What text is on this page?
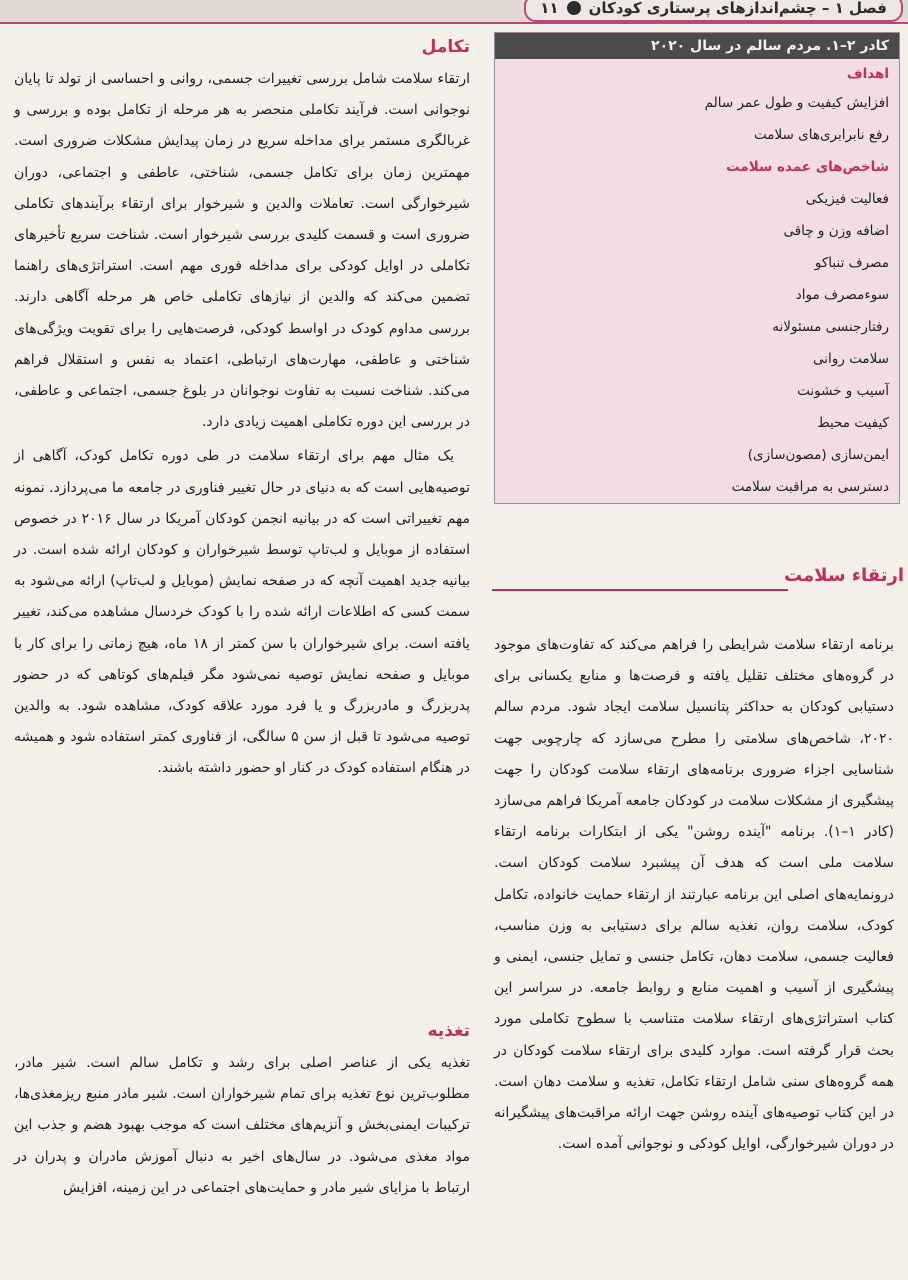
فصل ۱ – چشم‌اندازهای پرستاری کودکان
۱۱
تکامل

ارتقاء سلامت شامل بررسی تغییرات جسمی، روانی و احساسی از تولد تا پایان نوجوانی است. فرآیند تکاملی منحصر به هر مرحله از تکامل بوده و بررسی و غربالگری مستمر برای مداخله سریع در زمان پیدایش مشکلات ضروری است. مهمترین زمان برای تکامل جسمی، شناختی، عاطفی و اجتماعی، دوران شیرخوارگی است. تعاملات والدین و شیرخوار برای ارتقاء برآیندهای تکاملی ضروری است و قسمت کلیدی بررسی شیرخوار است. شناخت سریع تأخیرهای تکاملی در اوایل کودکی برای مداخله فوری مهم است. استراتژی‌های راهنما تضمین می‌کند که والدین از نیازهای تکاملی خاص هر مرحله آگاهی دارند. بررسی مداوم کودک در اواسط کودکی، فرصت‌هایی را برای تقویت ویژگی‌های شناختی و عاطفی، مهارت‌های ارتباطی، اعتماد به نفس و استقلال فراهم می‌کند. شناخت نسبت به تفاوت نوجوانان در بلوغ جسمی، اجتماعی و عاطفی، در بررسی این دوره تکاملی اهمیت زیادی دارد.

یک مثال مهم برای ارتقاء سلامت در طی دوره تکامل کودک، آگاهی از توصیه‌هایی است که به دنیای در حال تغییر فناوری در جامعه ما می‌پردازد. نمونه مهم تغییراتی است که در بیانیه انجمن کودکان آمریکا در سال ۲۰۱۶ در خصوص استفاده از موبایل و لب‌تاپ توسط شیرخواران و کودکان ارائه شده است. در بیانیه جدید اهمیت آنچه که در صفحه نمایش (موبایل و لب‌تاپ) ارائه می‌شود به سمت کسی که اطلاعات ارائه شده را با کودک خردسال مشاهده می‌کند، تغییر یافته است. برای شیرخواران با سن کمتر از ۱۸ ماه، هیچ زمانی را برای کار با موبایل و صفحه نمایش توصیه نمی‌شود مگر فیلم‌های کوتاهی که در حضور پدربزرگ و مادربزرگ و یا فرد مورد علاقه کودک، مشاهده شود. به والدین توصیه می‌شود تا قبل از سن ۵ سالگی، از فناوری کمتر استفاده شود و همیشه در هنگام استفاده کودک در کنار او حضور داشته باشند.

تغذیه

تغذیه یکی از عناصر اصلی برای رشد و تکامل سالم است. شیر مادر، مطلوب‌ترین نوع تغذیه برای تمام شیرخواران است. شیر مادر منبع ریزمغذی‌ها، ترکیبات ایمنی‌بخش و آنزیم‌های مختلف است که موجب بهبود هضم و جذب این مواد مغذی می‌شود. در سال‌های اخیر به دنبال آموزش مادران و پدران در ارتباط با مزایای شیر مادر و حمایت‌های اجتماعی در این زمینه، افزایش

کادر ۲–۱. مردم سالم در سال ۲۰۲۰
اهداف
افزایش کیفیت و طول عمر سالم
رفع نابرابری‌های سلامت
شاخص‌های عمده سلامت
فعالیت فیزیکی
اضافه وزن و چاقی
مصرف تنباکو
سوءمصرف مواد
رفتارجنسی مسئولانه
سلامت روانی
آسیب و خشونت
کیفیت محیط
ایمن‌سازی (مصون‌سازی)
دسترسی به مراقبت سلامت
ارتقاء سلامت

برنامه ارتقاء سلامت شرایطی را فراهم می‌کند که تفاوت‌های موجود در گروه‌های مختلف تقلیل یافته و فرصت‌ها و منابع یکسانی برای دستیابی کودکان به حداکثر پتانسیل سلامت ایجاد شود. مردم سالم ۲۰۲۰، شاخص‌های سلامتی را مطرح می‌سازد که چارچوبی جهت شناسایی اجزاء ضروری برنامه‌های ارتقاء سلامت کودکان را جهت پیشگیری از مشکلات سلامت در کودکان جامعه آمریکا فراهم می‌سازد (کادر ۱–۱). برنامه "آینده روشن" یکی از ابتکارات برنامه ارتقاء سلامت ملی است که هدف آن پیشبرد سلامت کودکان است. درونمایه‌های اصلی این برنامه عبارتند از ارتقاء حمایت خانواده، تکامل کودک، سلامت روان، تغذیه سالم برای دستیابی به وزن مناسب، فعالیت جسمی، سلامت دهان، تکامل جنسی و تمایل جنسی، ایمنی و پیشگیری از آسیب و اهمیت منابع و روابط جامعه. در سراسر این کتاب استراتژی‌های ارتقاء سلامت متناسب با سطوح تکاملی مورد بحث قرار گرفته است. موارد کلیدی برای ارتقاء سلامت کودکان در همه گروه‌های سنی شامل ارتقاء تکامل، تغذیه و سلامت دهان است. در این کتاب توصیه‌های آینده روشن جهت ارائه مراقبت‌های پیشگیرانه در دوران شیرخوارگی، اوایل کودکی و نوجوانی آمده است.
